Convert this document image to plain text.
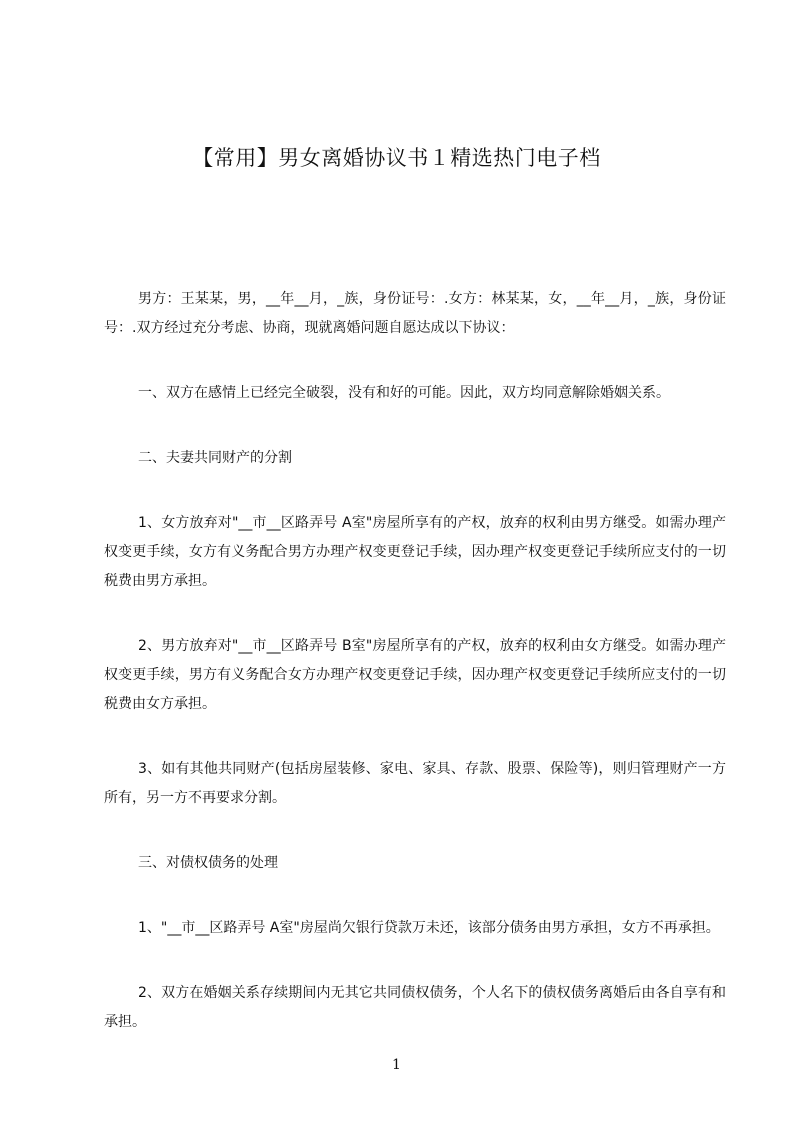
【常用】男女离婚协议书１精选热门电子档

男方：王某某，男，__年__月，_族，身份证号：.女方：林某某，女，__年__月，_族，身份证号：.双方经过充分考虑、协商，现就离婚问题自愿达成以下协议：

一、双方在感情上已经完全破裂，没有和好的可能。因此，双方均同意解除婚姻关系。

二、夫妻共同财产的分割

1、女方放弃对"__市__区路弄号 A室"房屋所享有的产权，放弃的权利由男方继受。如需办理产权变更手续，女方有义务配合男方办理产权变更登记手续，因办理产权变更登记手续所应支付的一切税费由男方承担。

2、男方放弃对"__市__区路弄号 B室"房屋所享有的产权，放弃的权利由女方继受。如需办理产权变更手续，男方有义务配合女方办理产权变更登记手续，因办理产权变更登记手续所应支付的一切税费由女方承担。

3、如有其他共同财产(包括房屋装修、家电、家具、存款、股票、保险等)，则归管理财产一方所有，另一方不再要求分割。

三、对债权债务的处理

1、"__市__区路弄号 A室"房屋尚欠银行贷款万未还，该部分债务由男方承担，女方不再承担。

2、双方在婚姻关系存续期间内无其它共同债权债务，个人名下的债权债务离婚后由各自享有和承担。

1
